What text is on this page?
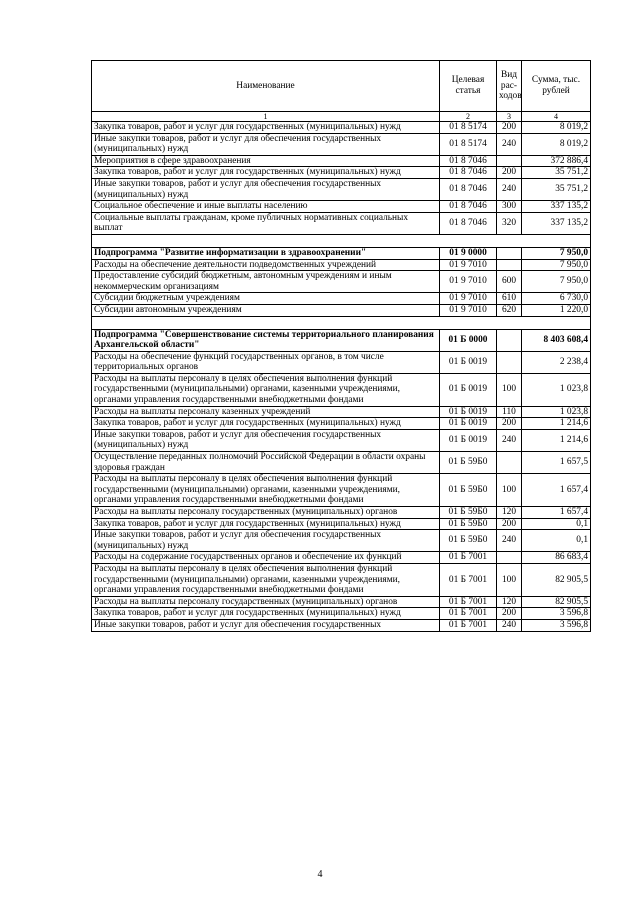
Наименование	Целевая статья	Вид рас-ходов	Сумма, тыс. рублей
1	2	3	4
Закупка товаров, работ и услуг для государственных (муниципальных) нужд	01 8 5174	200	8 019,2
Иные закупки товаров, работ и услуг для обеспечения государственных (муниципальных) нужд	01 8 5174	240	8 019,2
Мероприятия в сфере здравоохранения	01 8 7046		372 886,4
Закупка товаров, работ и услуг для государственных (муниципальных) нужд	01 8 7046	200	35 751,2
Иные закупки товаров, работ и услуг для обеспечения государственных (муниципальных) нужд	01 8 7046	240	35 751,2
Социальное обеспечение и иные выплаты населению	01 8 7046	300	337 135,2
Социальные выплаты гражданам, кроме публичных нормативных социальных выплат	01 8 7046	320	337 135,2

Подпрограмма "Развитие информатизации в здравоохранении"	01 9 0000		7 950,0
Расходы на обеспечение деятельности подведомственных учреждений	01 9 7010		7 950,0
Предоставление субсидий бюджетным, автономным учреждениям и иным некоммерческим организациям	01 9 7010	600	7 950,0
Субсидии бюджетным учреждениям	01 9 7010	610	6 730,0
Субсидии автономным учреждениям	01 9 7010	620	1 220,0

Подпрограмма "Совершенствование системы территориального планирования Архангельской области"	01 Б 0000		8 403 608,4
Расходы на обеспечение функций государственных органов, в том числе территориальных органов	01 Б 0019		2 238,4
Расходы на выплаты персоналу в целях обеспечения выполнения функций государственными (муниципальными) органами, казенными учреждениями, органами управления государственными внебюджетными фондами	01 Б 0019	100	1 023,8
Расходы на выплаты персоналу казенных учреждений	01 Б 0019	110	1 023,8
Закупка товаров, работ и услуг для государственных (муниципальных) нужд	01 Б 0019	200	1 214,6
Иные закупки товаров, работ и услуг для обеспечения государственных (муниципальных) нужд	01 Б 0019	240	1 214,6
Осуществление переданных полномочий Российской Федерации в области охраны здоровья граждан	01 Б 59Б0		1 657,5
Расходы на выплаты персоналу в целях обеспечения выполнения функций государственными (муниципальными) органами, казенными учреждениями, органами управления государственными внебюджетными фондами	01 Б 59Б0	100	1 657,4
Расходы на выплаты персоналу государственных (муниципальных) органов	01 Б 59Б0	120	1 657,4
Закупка товаров, работ и услуг для государственных (муниципальных) нужд	01 Б 59Б0	200	0,1
Иные закупки товаров, работ и услуг для обеспечения государственных (муниципальных) нужд	01 Б 59Б0	240	0,1
Расходы на содержание государственных органов и обеспечение их функций	01 Б 7001		86 683,4
Расходы на выплаты персоналу в целях обеспечения выполнения функций государственными (муниципальными) органами, казенными учреждениями, органами управления государственными внебюджетными фондами	01 Б 7001	100	82 905,5
Расходы на выплаты персоналу государственных (муниципальных) органов	01 Б 7001	120	82 905,5
Закупка товаров, работ и услуг для государственных (муниципальных) нужд	01 Б 7001	200	3 596,8
Иные закупки товаров, работ и услуг для обеспечения государственных	01 Б 7001	240	3 596,8
4
